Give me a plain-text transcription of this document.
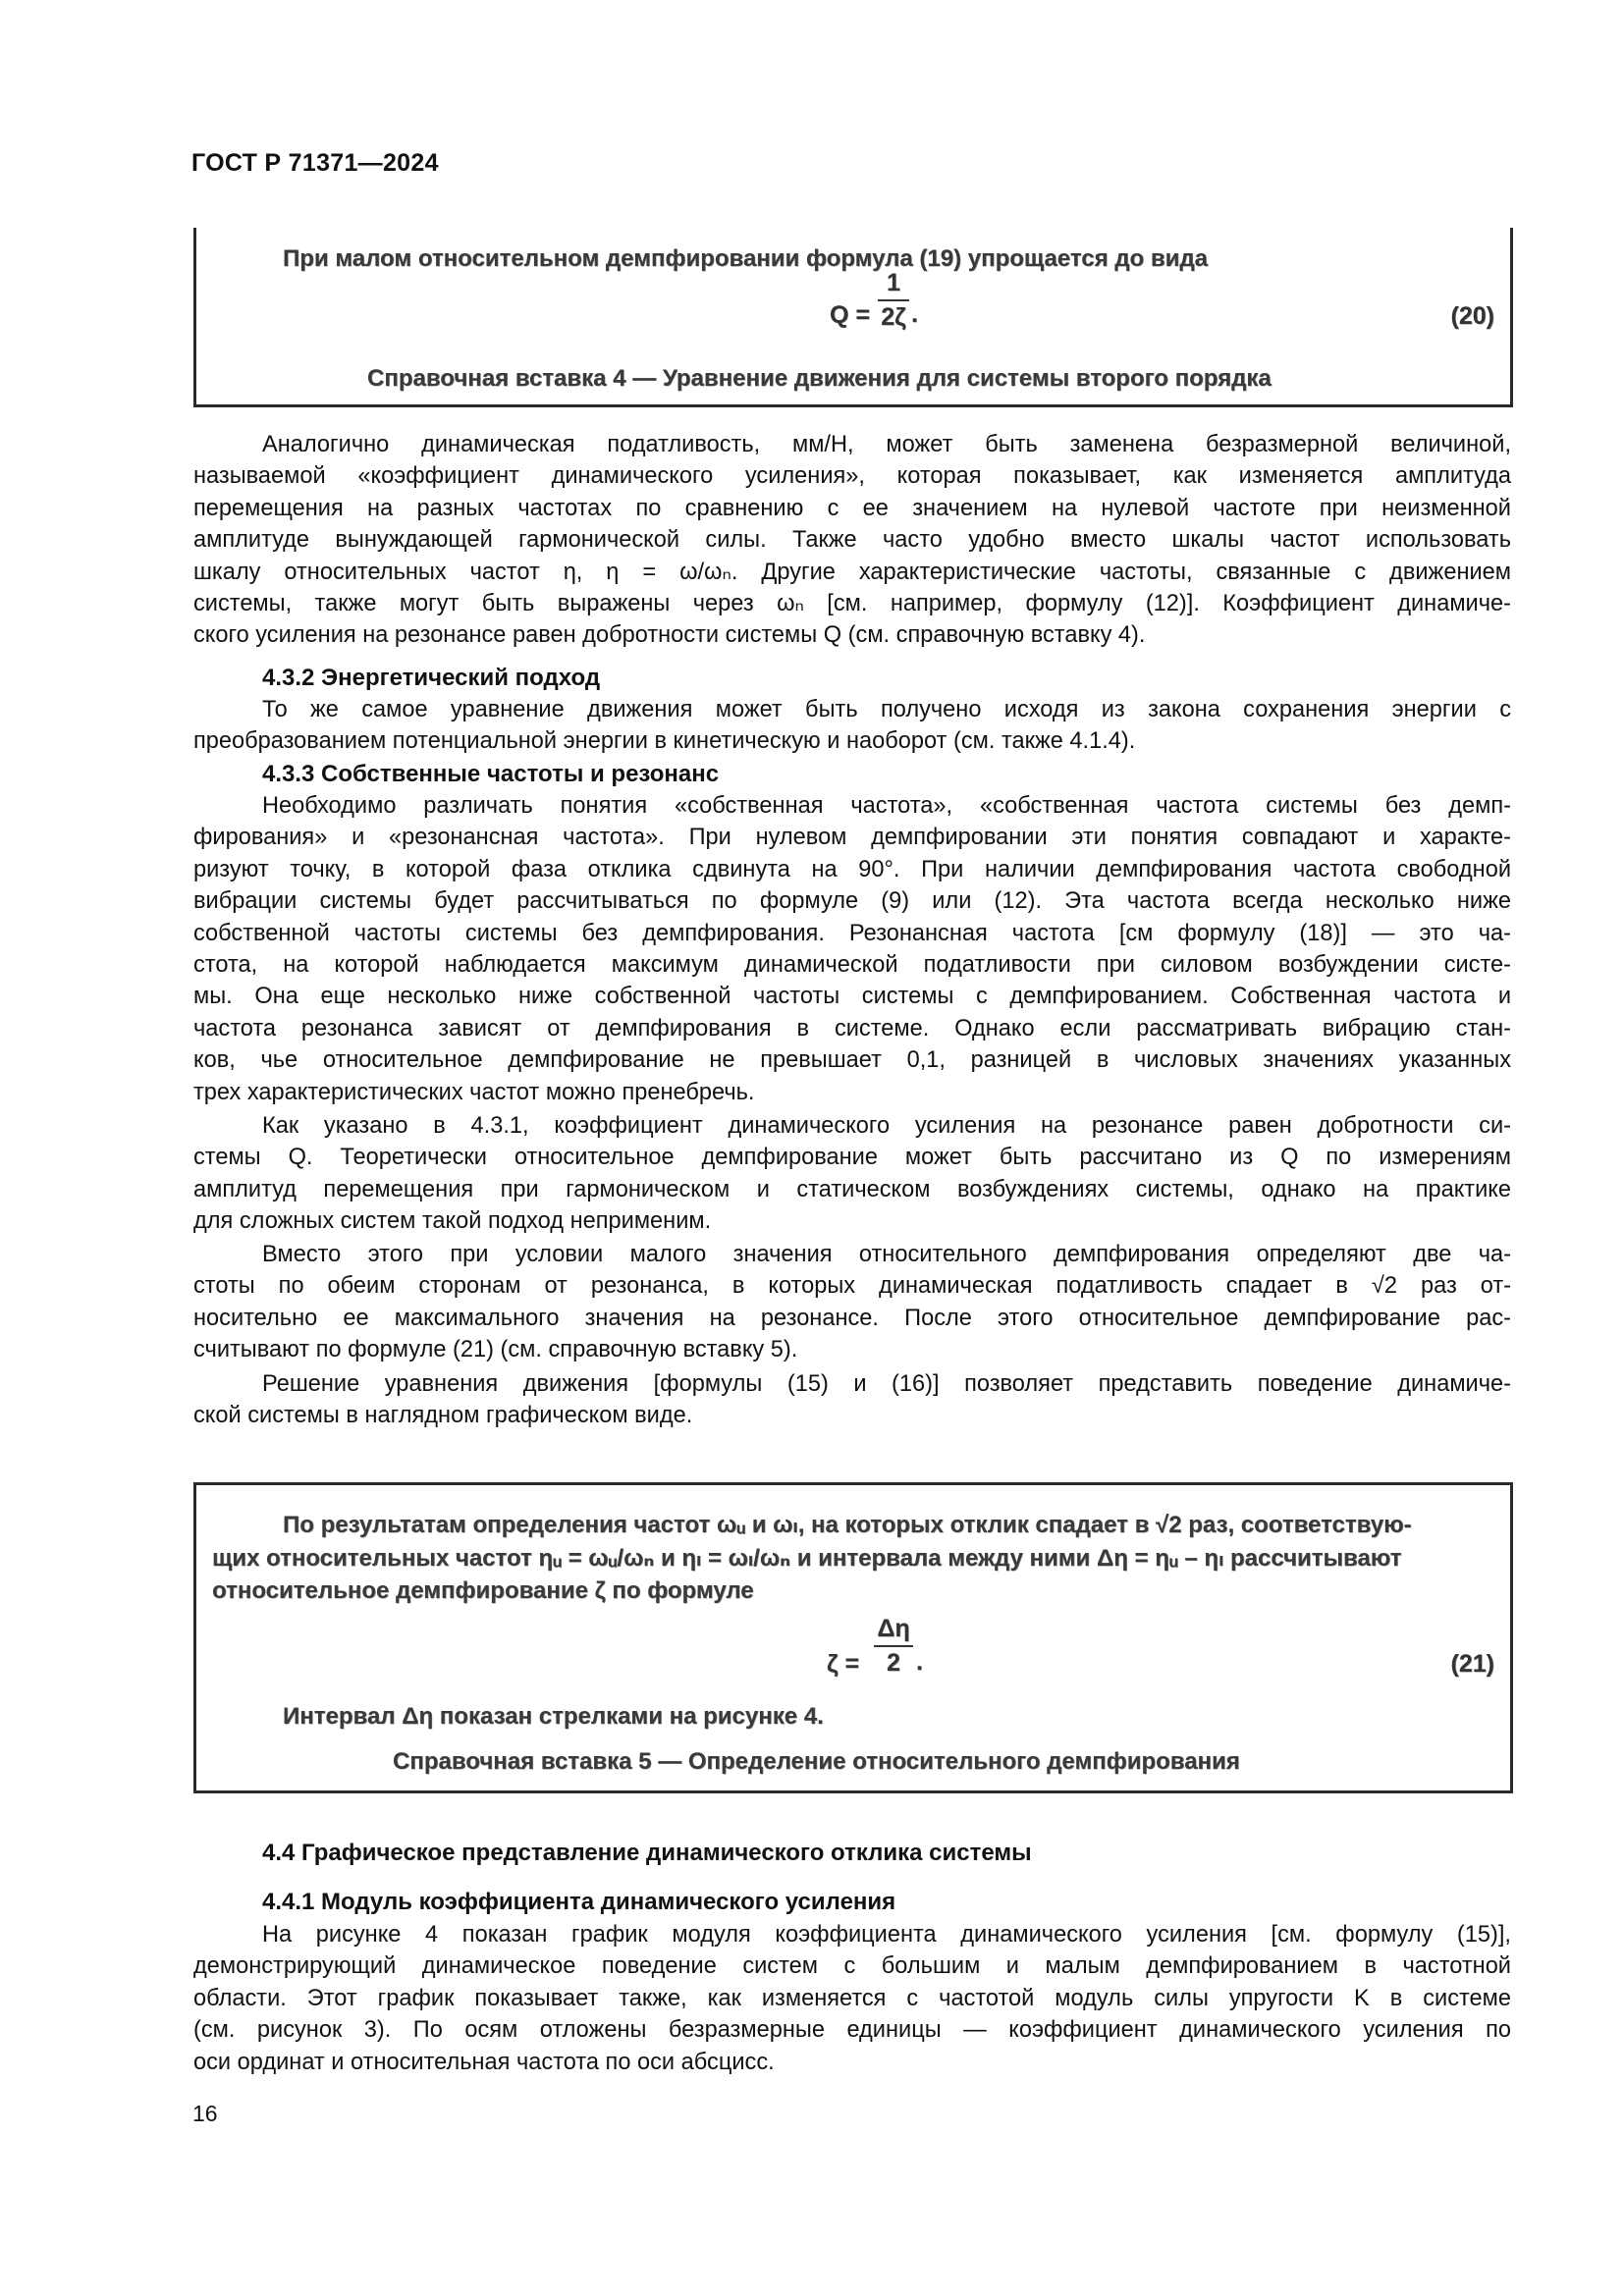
ГОСТ Р 71371—2024
При малом относительном демпфировании формула (19) упрощается до вида
Q =
1
2ζ .	(20)
Справочная вставка 4 — Уравнение движения для системы второго порядка
Аналогично динамическая податливость, мм/Н, может быть заменена безразмерной величиной,
называемой «коэффициент динамического усиления», которая показывает, как изменяется амплитуда
перемещения на разных частотах по сравнению с ее значением на нулевой частоте при неизменной
амплитуде вынуждающей гармонической силы. Также часто удобно вместо шкалы частот использовать
шкалу относительных частот η, η = ω/ωₙ. Другие характеристические частоты, связанные с движением
системы, также могут быть выражены через ωₙ [см. например, формулу (12)]. Коэффициент динамиче-
ского усиления на резонансе равен добротности системы Q (см. справочную вставку 4).
4.3.2 Энергетический подход
То же самое уравнение движения может быть получено исходя из закона сохранения энергии с
преобразованием потенциальной энергии в кинетическую и наоборот (см. также 4.1.4).
4.3.3 Собственные частоты и резонанс
Необходимо различать понятия «собственная частота», «собственная частота системы без демп-
фирования» и «резонансная частота». При нулевом демпфировании эти понятия совпадают и характе-
ризуют точку, в которой фаза отклика сдвинута на 90°. При наличии демпфирования частота свободной
вибрации системы будет рассчитываться по формуле (9) или (12). Эта частота всегда несколько ниже
собственной частоты системы без демпфирования. Резонансная частота [см формулу (18)] — это ча-
стота, на которой наблюдается максимум динамической податливости при силовом возбуждении систе-
мы. Она еще несколько ниже собственной частоты системы с демпфированием. Собственная частота и
частота резонанса зависят от демпфирования в системе. Однако если рассматривать вибрацию стан-
ков, чье относительное демпфирование не превышает 0,1, разницей в числовых значениях указанных
трех характеристических частот можно пренебречь.
Как указано в 4.3.1, коэффициент динамического усиления на резонансе равен добротности си-
стемы Q. Теоретически относительное демпфирование может быть рассчитано из Q по измерениям
амплитуд перемещения при гармоническом и статическом возбуждениях системы, однако на практике
для сложных систем такой подход неприменим.
Вместо этого при условии малого значения относительного демпфирования определяют две ча-
стоты по обеим сторонам от резонанса, в которых динамическая податливость спадает в √2 раз от-
носительно ее максимального значения на резонансе. После этого относительное демпфирование рас-
считывают по формуле (21) (см. справочную вставку 5).
Решение уравнения движения [формулы (15) и (16)] позволяет представить поведение динамиче-
ской системы в наглядном графическом виде.
По результатам определения частот ωᵤ и ωₗ, на которых отклик спадает в √2 раз, соответствую-
щих относительных частот ηᵤ = ωᵤ/ωₙ и ηₗ = ωₗ/ωₙ и интервала между ними Δη = ηᵤ – ηₗ рассчитывают
относительное демпфирование ζ по формуле
ζ =
Δη
2 .	(21)
Интервал Δη показан стрелками на рисунке 4.
Справочная вставка 5 — Определение относительного демпфирования
4.4 Графическое представление динамического отклика системы
4.4.1 Модуль коэффициента динамического усиления
На рисунке 4 показан график модуля коэффициента динамического усиления [см. формулу (15)],
демонстрирующий динамическое поведение систем с большим и малым демпфированием в частотной
области. Этот график показывает также, как изменяется с частотой модуль силы упругости K в системе
(см. рисунок 3). По осям отложены безразмерные единицы — коэффициент динамического усиления по
оси ординат и относительная частота по оси абсцисс.
16
